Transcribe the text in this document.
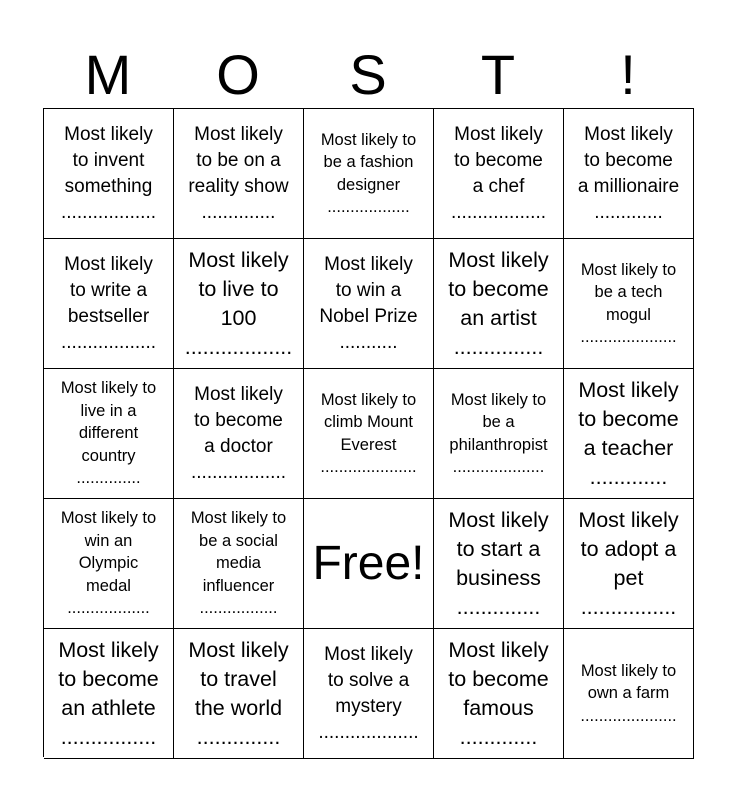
M	O	S	T	!
Most likely
to invent
something
..................
Most likely
to be on a
reality show
..............
Most likely to
be a fashion
designer
..................
Most likely
to become
a chef
..................
Most likely
to become
a millionaire
.............
Most likely
to write a
bestseller
..................
Most likely
to live to
100
..................
Most likely
to win a
Nobel Prize
...........
Most likely
to become
an artist
...............
Most likely to
be a tech
mogul
.....................
Most likely to
live in a
different
country
..............
Most likely
to become
a doctor
..................
Most likely to
climb Mount
Everest
.....................
Most likely to
be a
philanthropist
....................
Most likely
to become
a teacher
.............
Most likely to
win an
Olympic
medal
..................
Most likely to
be a social
media
influencer
.................
Free!
Most likely
to start a
business
..............
Most likely
to adopt a
pet
................
Most likely
to become
an athlete
................
Most likely
to travel
the world
..............
Most likely
to solve a
mystery
...................
Most likely
to become
famous
.............
Most likely to
own a farm
.....................
